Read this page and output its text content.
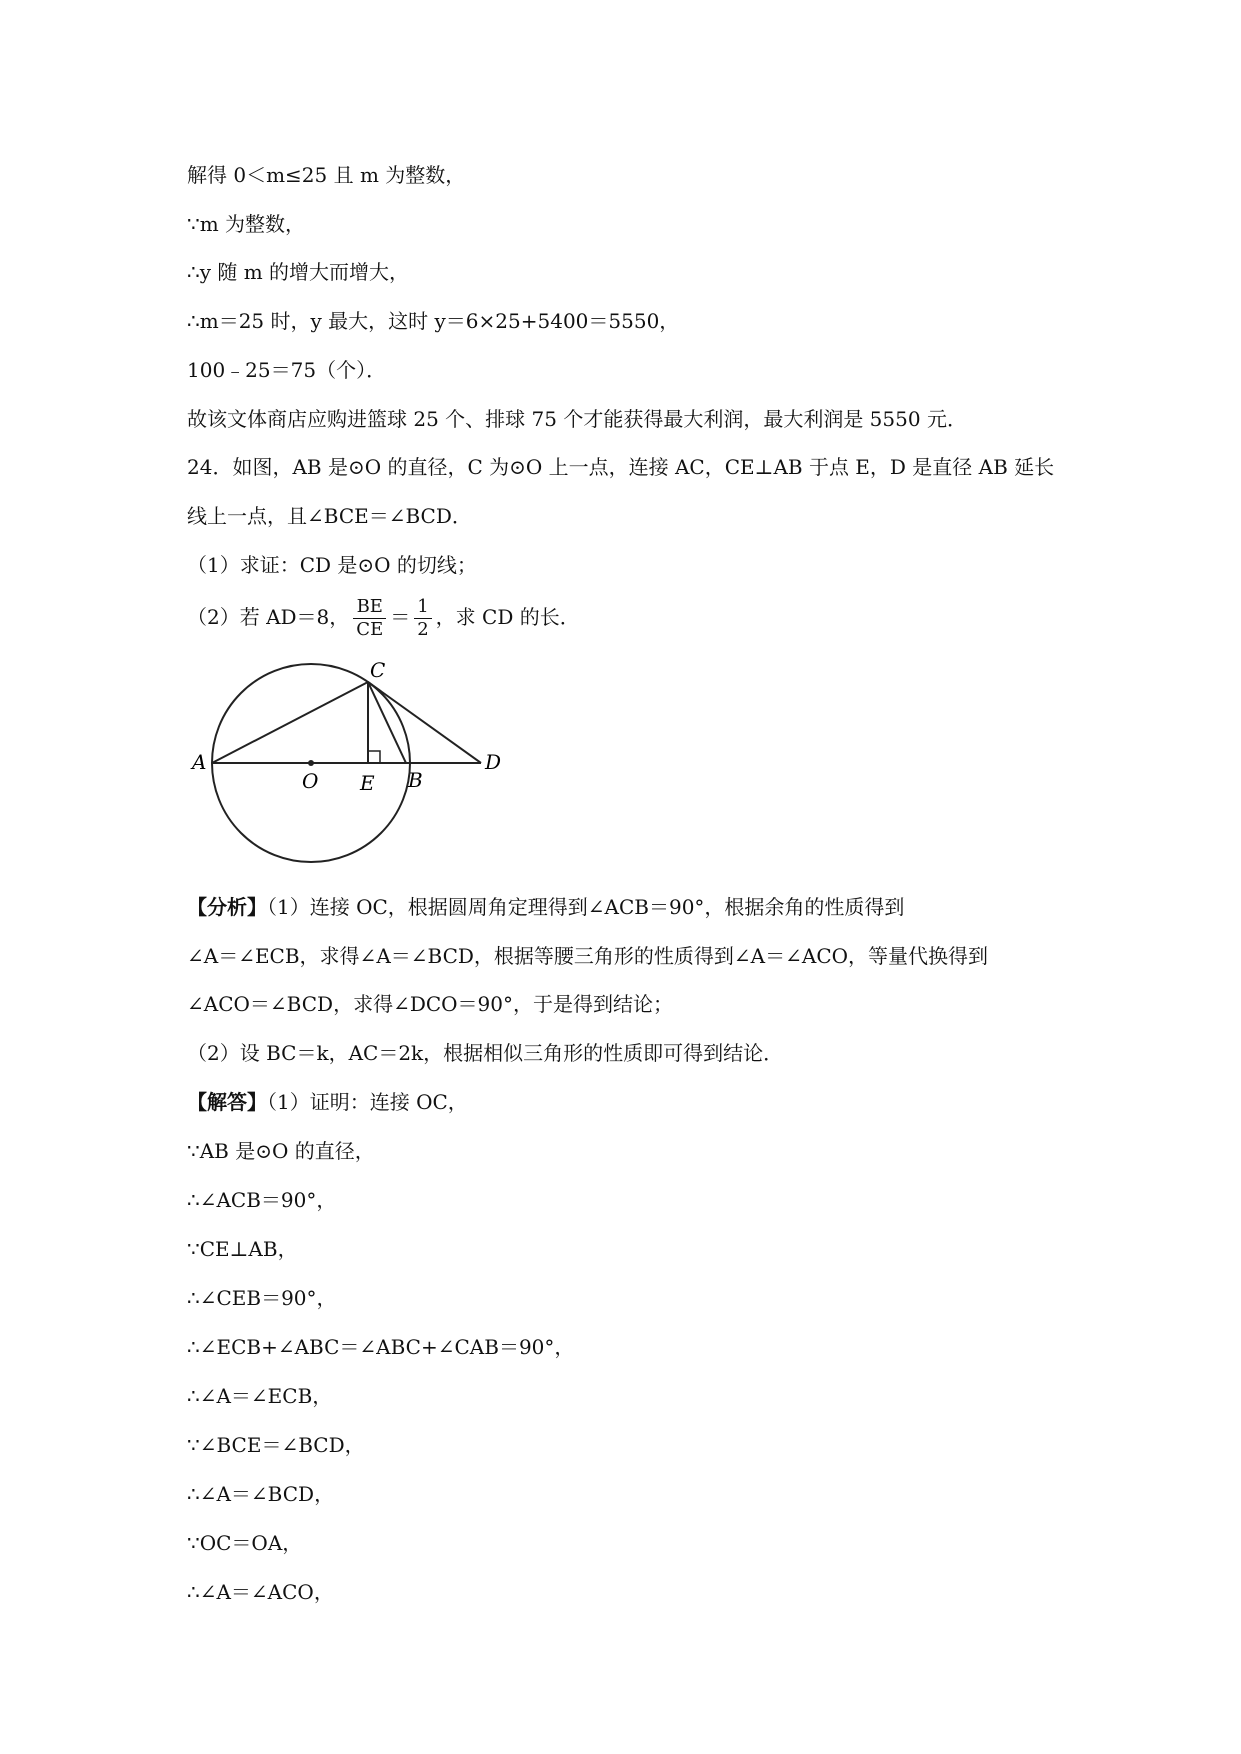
解得 0＜m≤25 且 m 为整数，
∵m 为整数，
∴y 随 m 的增大而增大，
∴m＝25 时，y 最大，这时 y＝6×25+5400＝5550，
100﹣25＝75（个）．
故该文体商店应购进篮球 25 个、排球 75 个才能获得最大利润，最大利润是 5550 元．
24．如图，AB 是⊙O 的直径，C 为⊙O 上一点，连接 AC，CE⊥AB 于点 E，D 是直径 AB 延长
线上一点，且∠BCE＝∠BCD．
（1）求证：CD 是⊙O 的切线；
（2）若 AD＝8， $\frac{BE}{CE} = \frac{1}{2}$ ，求 CD 的长．
A
O E B
C
D
【分析】（1）连接 OC，根据圆周角定理得到∠ACB＝90°，根据余角的性质得到
∠A＝∠ECB，求得∠A＝∠BCD，根据等腰三角形的性质得到∠A＝∠ACO，等量代换得到
∠ACO＝∠BCD，求得∠DCO＝90°，于是得到结论；
（2）设 BC＝k，AC＝2k，根据相似三角形的性质即可得到结论．
【解答】（1）证明：连接 OC，
∵AB 是⊙O 的直径，
∴∠ACB＝90°，
∵CE⊥AB，
∴∠CEB＝90°，
∴∠ECB+∠ABC＝∠ABC+∠CAB＝90°，
∴∠A＝∠ECB，
∵∠BCE＝∠BCD，
∴∠A＝∠BCD，
∵OC＝OA，
∴∠A＝∠ACO，
